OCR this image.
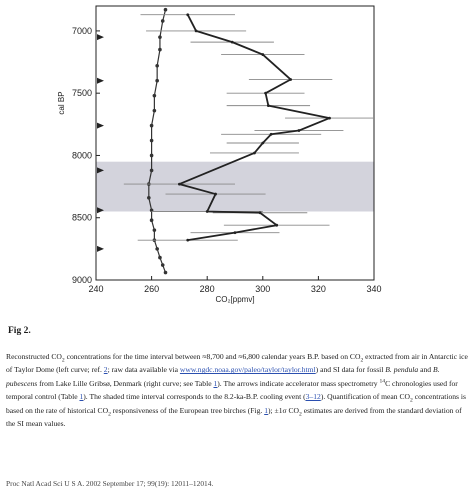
240	260	280	300	320	340
7000
7500
8000
8500
9000
CO₂[ppmv]
cal BP
Fig 2.
Reconstructed $CO_2$ concentrations for the time interval between ≈8,700 and ≈6,800 calendar years B.P. based on $CO_2$ extracted from air in Antarctic ice of Taylor Dome (left curve; ref. 2; raw data available via www.ngdc.noaa.gov/paleo/taylor/taylor.html) and SI data for fossil B. pendula and B. pubescens from Lake Lille Gribsø, Denmark (right curve; see Table 1). The arrows indicate accelerator mass spectrometry $^{14}$C chronologies used for temporal control (Table 1). The shaded time interval corresponds to the 8.2-ka-B.P. cooling event (3–12). Quantification of mean $CO_2$ concentrations is based on the rate of historical $CO_2$ responsiveness of the European tree birches (Fig. 1); ±1σ $CO_2$ estimates are derived from the standard deviation of the SI mean values.
Proc Natl Acad Sci U S A. 2002 September 17; 99(19): 12011–12014.
